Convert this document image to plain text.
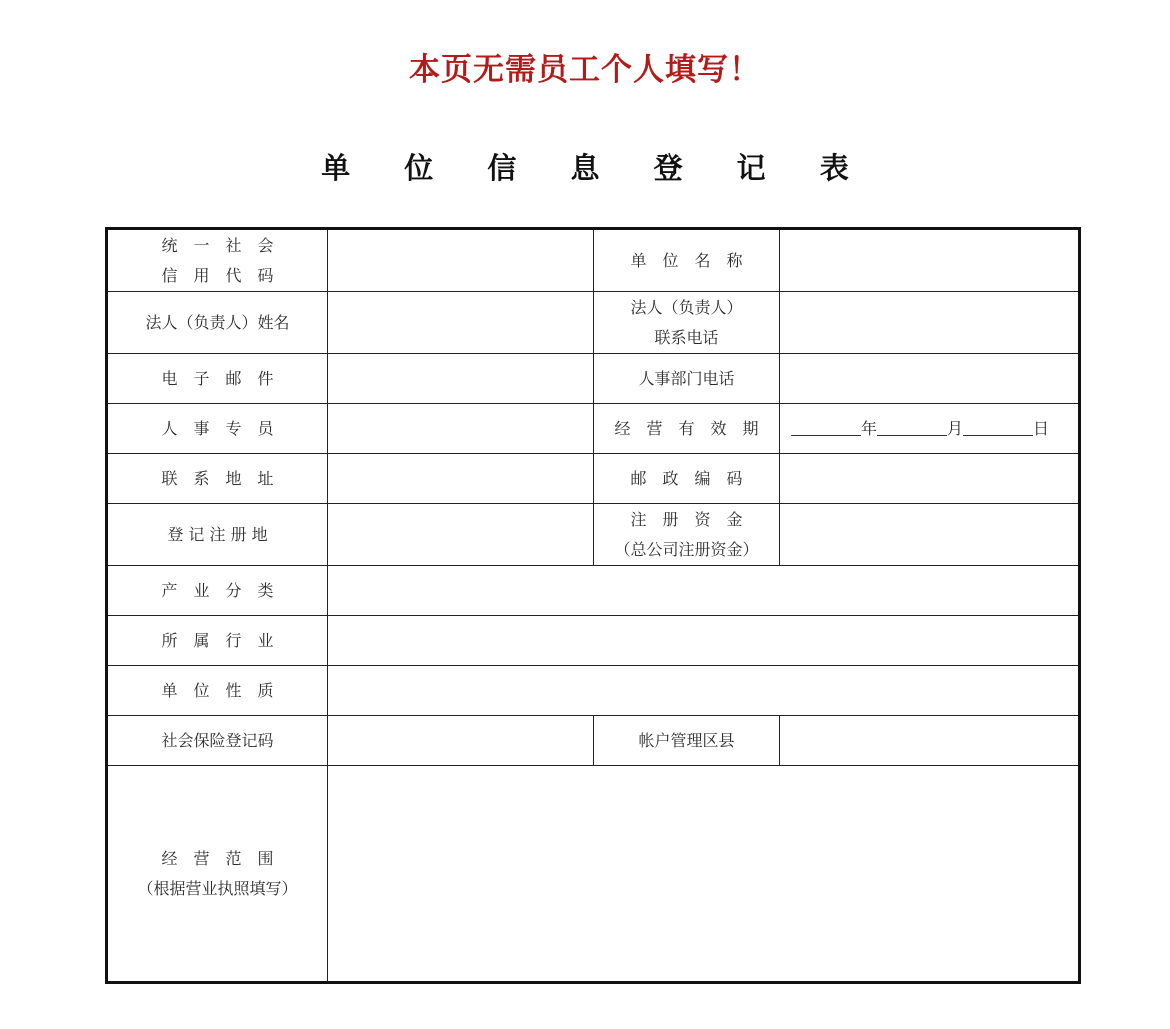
本页无需员工个人填写！
单 位 信 息 登 记 表
统　一　社　会
信　用　代　码		单　位　名　称	
法人（负责人）姓名		法人（负责人）
联系电话	

电　子　邮　件		人事部门电话	
人　事　专　员		经　营　有　效　期	年 月 日
联　系　地　址		邮　政　编　码	
登 记 注 册 地		注　册　资　金
（总公司注册资金）	

产　业　分　类			
所　属　行　业			
单　位　性　质			
社会保险登记码		帐户管理区县	

经　营　范　围
（根据营业执照填写）			
